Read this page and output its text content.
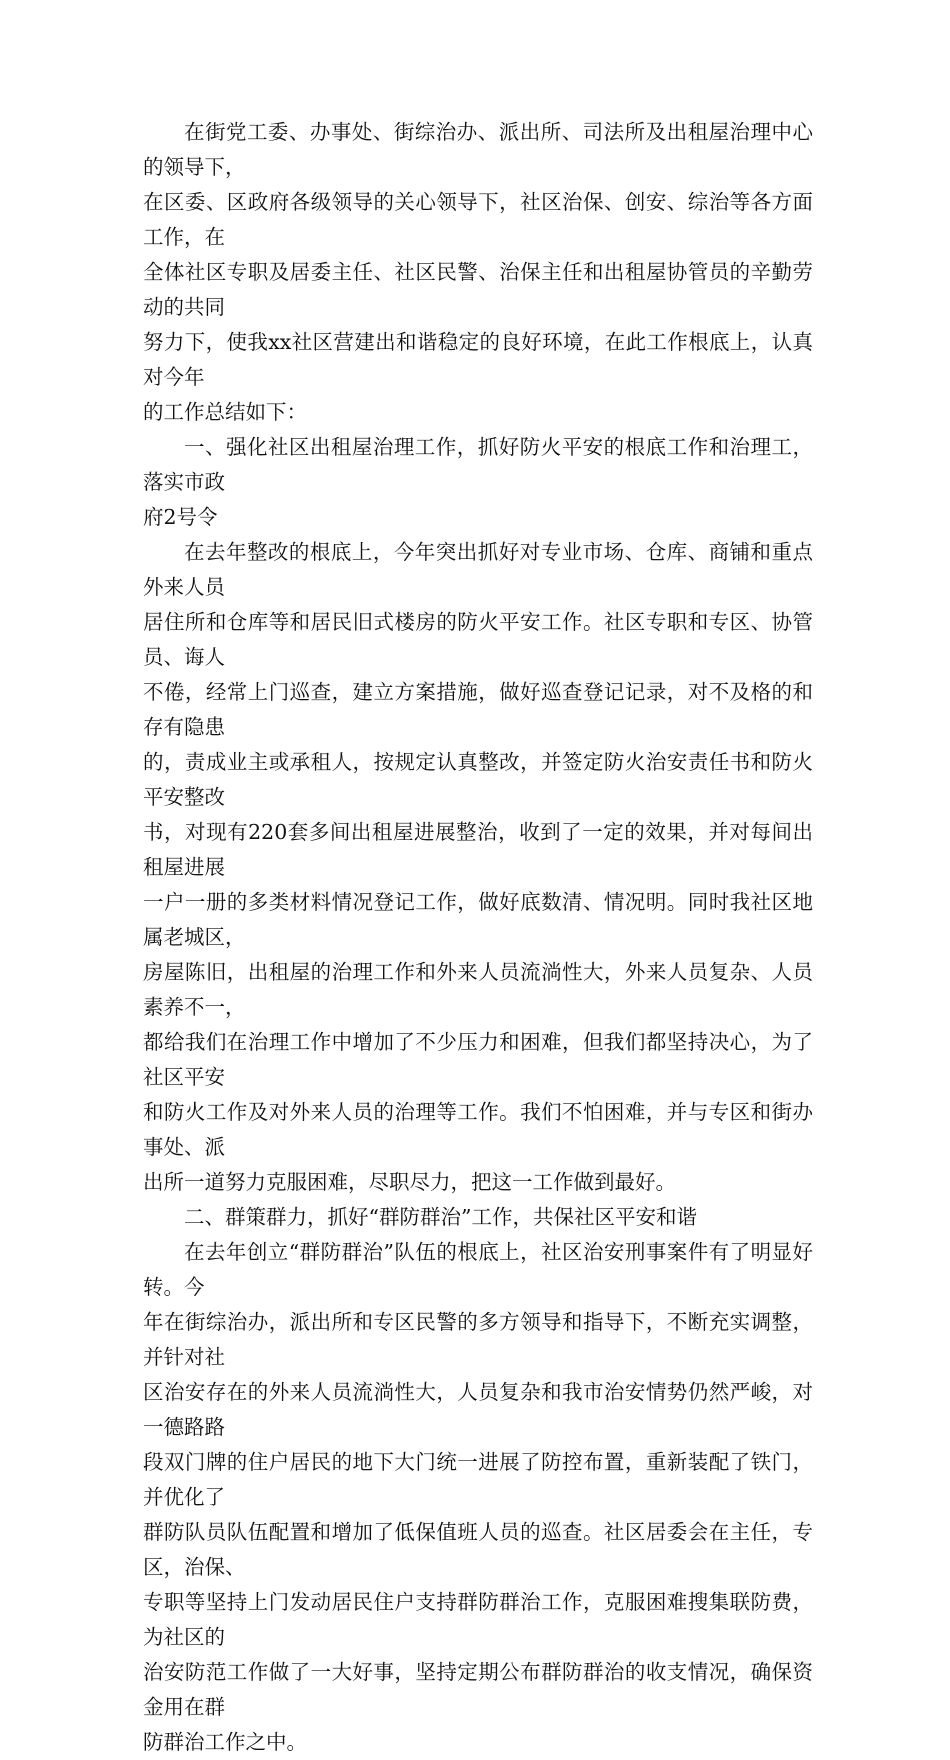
在街党工委、办事处、街综治办、派出所、司法所及出租屋治理中心的领导下，
在区委、区政府各级领导的关心领导下，社区治保、创安、综治等各方面工作，在
全体社区专职及居委主任、社区民警、治保主任和出租屋协管员的辛勤劳动的共同
努力下，使我xx社区营建出和谐稳定的良好环境，在此工作根底上，认真对今年
的工作总结如下：

一、强化社区出租屋治理工作，抓好防火平安的根底工作和治理工，落实市政
府2号令

在去年整改的根底上，今年突出抓好对专业市场、仓库、商铺和重点外来人员
居住所和仓库等和居民旧式楼房的防火平安工作。社区专职和专区、协管员、诲人
不倦，经常上门巡查，建立方案措施，做好巡查登记记录，对不及格的和存有隐患
的，责成业主或承租人，按规定认真整改，并签定防火治安责任书和防火平安整改
书，对现有220套多间出租屋进展整治，收到了一定的效果，并对每间出租屋进展
一户一册的多类材料情况登记工作，做好底数清、情况明。同时我社区地属老城区，
房屋陈旧，出租屋的治理工作和外来人员流淌性大，外来人员复杂、人员素养不一，
都给我们在治理工作中增加了不少压力和困难，但我们都坚持决心，为了社区平安
和防火工作及对外来人员的治理等工作。我们不怕困难，并与专区和街办事处、派
出所一道努力克服困难，尽职尽力，把这一工作做到最好。

二、群策群力，抓好“群防群治”工作，共保社区平安和谐

在去年创立“群防群治”队伍的根底上，社区治安刑事案件有了明显好转。今
年在街综治办，派出所和专区民警的多方领导和指导下，不断充实调整，并针对社
区治安存在的外来人员流淌性大，人员复杂和我市治安情势仍然严峻，对一德路路
段双门牌的住户居民的地下大门统一进展了防控布置，重新装配了铁门，并优化了
群防队员队伍配置和增加了低保值班人员的巡查。社区居委会在主任，专区，治保、
专职等坚持上门发动居民住户支持群防群治工作，克服困难搜集联防费，为社区的
治安防范工作做了一大好事，坚持定期公布群防群治的收支情况，确保资金用在群
防群治工作之中。
